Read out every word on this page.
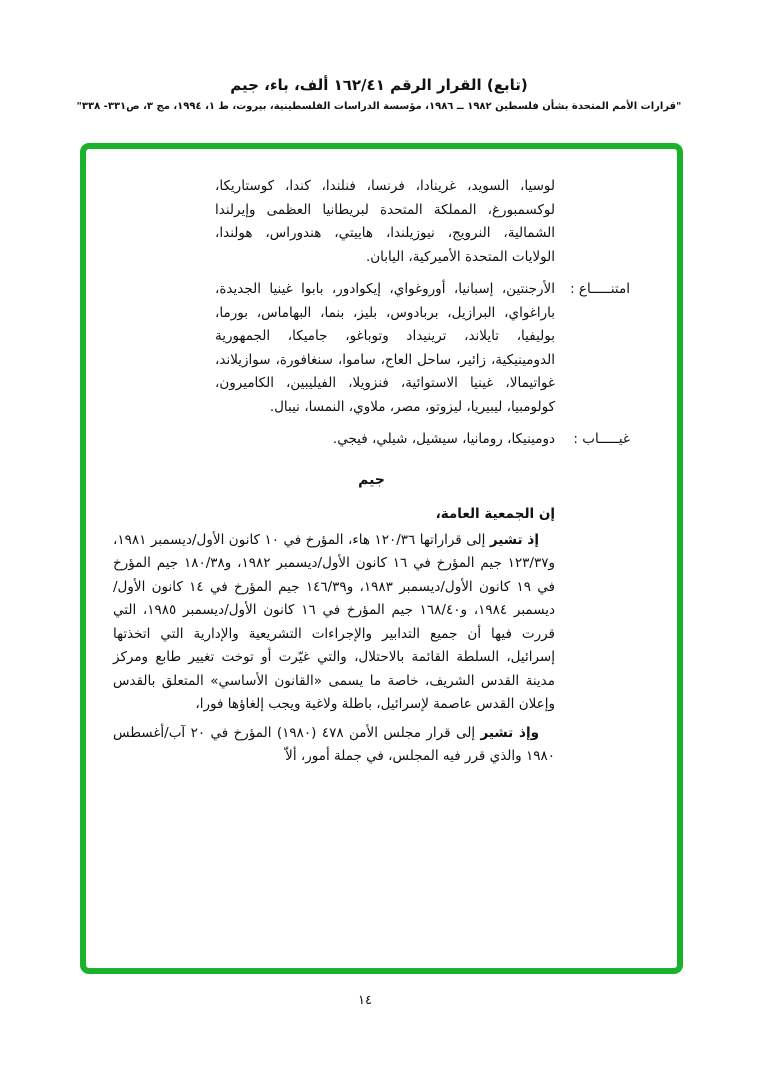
(تابع) القرار الرقم ١٦٢/٤١ ألف، باء، جيم
"قرارات الأمم المتحدة بشأن فلسطين ١٩٨٢ ــ ١٩٨٦، مؤسسة الدراسات الفلسطينية، بيروت، ط ١، ١٩٩٤، مج ٣، ص٣٣١- ٣٣٨"
لوسيا، السويد، غرينادا، فرنسا، فنلندا، كندا، كوستاريكا، لوكسمبورغ، المملكة المتحدة لبريطانيا العظمى وإيرلندا الشمالية، النرويج، نيوزيلندا، هاييتي، هندوراس، هولندا، الولايات المتحدة الأميركية، اليابان.
امتنـــــاع :
الأرجنتين، إسبانيا، أوروغواي، إيكوادور، بابوا غينيا الجديدة، باراغواي، البرازيل، بربادوس، بليز، بنما، البهاماس، بورما، بوليفيا، تايلاند، ترينيداد وتوباغو، جاميكا، الجمهورية الدومينيكية، زائير، ساحل العاج، ساموا، سنغافورة، سوازيلاند، غواتيمالا، غينيا الاستوائية، فنزويلا، الفيليبين، الكاميرون، كولومبيا، ليبيريا، ليزوتو، مصر، ملاوي، النمسا، نيبال.
غيـــــاب :
دومينيكا، رومانيا، سيشيل، شيلي، فيجي.
جيم
إن الجمعية العامة،
إذ تشير إلى قراراتها ١٢٠/٣٦ هاء، المؤرخ في ١٠ كانون الأول/ديسمبر ١٩٨١، و١٢٣/٣٧ جيم المؤرخ في ١٦ كانون الأول/ديسمبر ١٩٨٢، و١٨٠/٣٨ جيم المؤرخ في ١٩ كانون الأول/ديسمبر ١٩٨٣، و١٤٦/٣٩ جيم المؤرخ في ١٤ كانون الأول/ديسمبر ١٩٨٤، و١٦٨/٤٠ جيم المؤرخ في ١٦ كانون الأول/ديسمبر ١٩٨٥، التي قررت فيها أن جميع التدابير والإجراءات التشريعية والإدارية التي اتخذتها إسرائيل، السلطة القائمة بالاحتلال، والتي غيّرت أو توخت تغيير طابع ومركز مدينة القدس الشريف، خاصة ما يسمى «القانون الأساسي» المتعلق بالقدس وإعلان القدس عاصمة لإسرائيل، باطلة ولاغية ويجب إلغاؤها فورا،
وإذ تشير إلى قرار مجلس الأمن ٤٧٨ (١٩٨٠) المؤرخ في ٢٠ آب/أغسطس ١٩٨٠ والذي قرر فيه المجلس، في جملة أمور، ألاّ
١٤
